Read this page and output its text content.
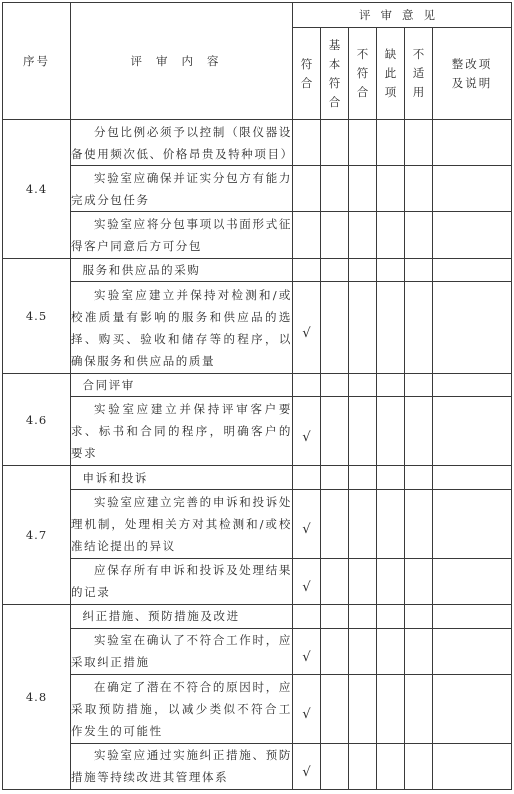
序号	评审内容	评审意见					
		符合	基本符合	不符合	缺此项	不适用	整改项及说明
4.4	分包比例必须予以控制（限仪器设备使用频次低、价格昂贵及特种项目）						
	实验室应确保并证实分包方有能力完成分包任务						
	实验室应将分包事项以书面形式征得客户同意后方可分包						
4.5	服务和供应品的采购						
	实验室应建立并保持对检测和/或校准质量有影响的服务和供应品的选择、购买、验收和储存等的程序，以确保服务和供应品的质量	√					
4.6	合同评审						
	实验室应建立并保持评审客户要求、标书和合同的程序，明确客户的要求	√					
4.7	申诉和投诉						
	实验室应建立完善的申诉和投诉处理机制，处理相关方对其检测和/或校准结论提出的异议	√					
	应保存所有申诉和投诉及处理结果的记录	√					
4.8	纠正措施、预防措施及改进						
	实验室在确认了不符合工作时，应采取纠正措施	√					
	在确定了潜在不符合的原因时，应采取预防措施，以减少类似不符合工作发生的可能性	√					
	实验室应通过实施纠正措施、预防措施等持续改进其管理体系	√					
